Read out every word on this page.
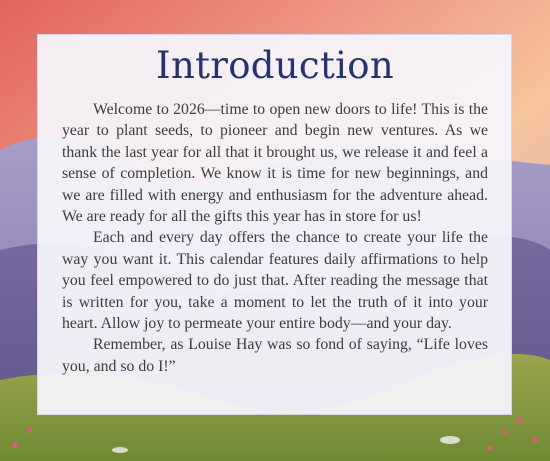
Introduction

Welcome to 2026—time to open new doors to life! This is the year to plant seeds, to pioneer and begin new ventures. As we thank the last year for all that it brought us, we release it and feel a sense of completion. We know it is time for new beginnings, and we are filled with energy and enthusiasm for the adventure ahead. We are ready for all the gifts this year has in store for us!

Each and every day offers the chance to create your life the way you want it. This calendar features daily affirmations to help you feel empowered to do just that. After reading the message that is written for you, take a moment to let the truth of it into your heart. Allow joy to permeate your entire body—and your day.

Remember, as Louise Hay was so fond of saying, “Life loves you, and so do I!”
